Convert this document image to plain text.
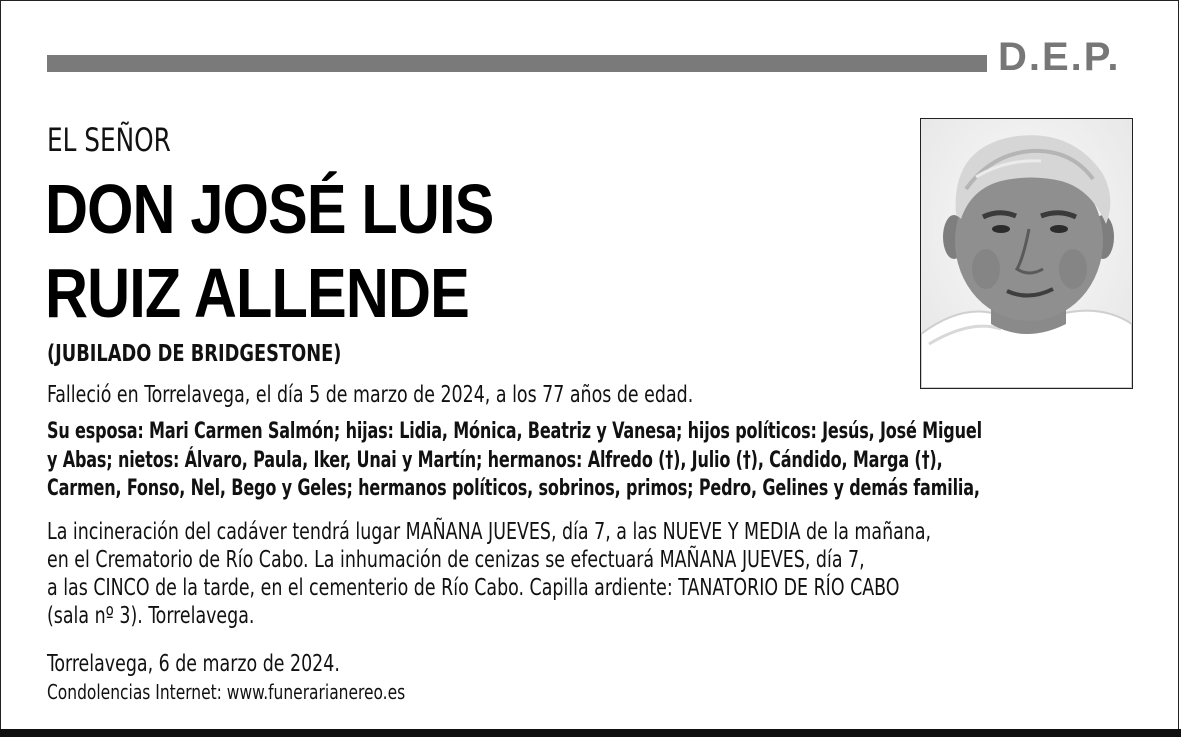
D.E.P.
EL SEÑOR
DON JOSÉ LUIS
RUIZ ALLENDE
(JUBILADO DE BRIDGESTONE)
Falleció en Torrelavega, el día 5 de marzo de 2024, a los 77 años de edad.
Su esposa: Mari Carmen Salmón; hijas: Lidia, Mónica, Beatriz y Vanesa; hijos políticos: Jesús, José Miguel
y Abas; nietos: Álvaro, Paula, Iker, Unai y Martín; hermanos: Alfredo (†), Julio (†), Cándido, Marga (†),
Carmen, Fonso, Nel, Bego y Geles; hermanos políticos, sobrinos, primos; Pedro, Gelines y demás familia,
La incineración del cadáver tendrá lugar MAÑANA JUEVES, día 7, a las NUEVE Y MEDIA de la mañana,
en el Crematorio de Río Cabo. La inhumación de cenizas se efectuará MAÑANA JUEVES, día 7,
a las CINCO de la tarde, en el cementerio de Río Cabo. Capilla ardiente: TANATORIO DE RÍO CABO
(sala nº 3). Torrelavega.
Torrelavega, 6 de marzo de 2024.
Condolencias Internet: www.funerarianereo.es
